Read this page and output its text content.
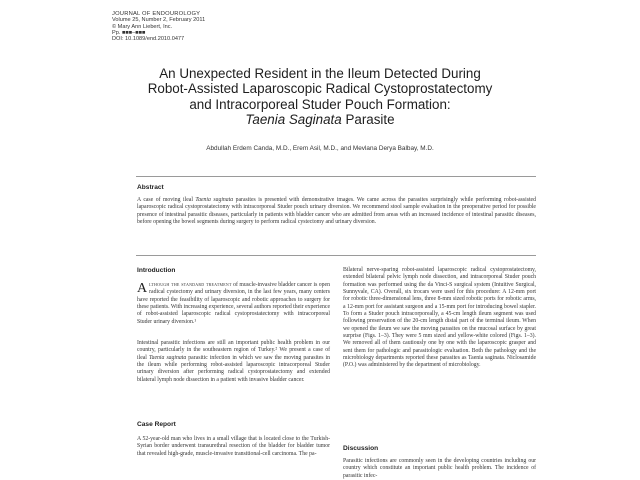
JOURNAL OF ENDOUROLOGY
Volume 25, Number 2, February 2011
© Mary Ann Liebert, Inc.
Pp. ■■■–■■■
DOI: 10.1089/end.2010.0477
An Unexpected Resident in the Ileum Detected During
Robot-Assisted Laparoscopic Radical Cystoprostatectomy
and Intracorporeal Studer Pouch Formation:
Taenia Saginata Parasite
Abdullah Erdem Canda, M.D., Erem Asil, M.D., and Mevlana Derya Balbay, M.D.
Abstract
A case of moving ileal Taenia saginata parasites is presented with demonstrative images. We came across the parasites surprisingly while performing robot-assisted laparoscopic radical cystoprostatectomy with intracorporeal Studer pouch urinary diversion. We recommend stool sample evaluation in the preoperative period for possible presence of intestinal parasitic diseases, particularly in patients with bladder cancer who are admitted from areas with an increased incidence of intestinal parasitic diseases, before opening the bowel segments during surgery to perform radical cystectomy and urinary diversion.
Introduction
Although the standard treatment of muscle-invasive bladder cancer is open radical cystectomy and urinary diversion, in the last few years, many centers have reported the feasibility of laparoscopic and robotic approaches to surgery for these patients. With increasing experience, several authors reported their experience of robot-assisted laparoscopic radical cystoprostatectomy with intracorporeal Studer urinary diversion.¹
Intestinal parasitic infections are still an important public health problem in our country, particularly in the southeastern region of Turkey.² We present a case of ileal Taenia saginata parasitic infection in which we saw the moving parasites in the ileum while performing robot-assisted laparoscopic intracorporeal Studer urinary diversion after performing radical cystoprostatectomy and extended bilateral lymph node dissection in a patient with invasive bladder cancer.
Case Report
A 52-year-old man who lives in a small village that is located close to the Turkish-Syrian border underwent transurethral resection of the bladder for bladder tumor that revealed high-grade, muscle-invasive transitional-cell carcinoma. The pa-
Bilateral nerve-sparing robot-assisted laparoscopic radical cystoprostatectomy, extended bilateral pelvic lymph node dissection, and intracorporeal Studer pouch formation was performed using the da Vinci-S surgical system (Intuitive Surgical, Sunnyvale, CA). Overall, six trocars were used for this procedure: A 12-mm port for robotic three-dimensional lens, three 8-mm sized robotic ports for robotic arms, a 12-mm port for assistant surgeon and a 15-mm port for introducing bowel stapler. To form a Studer pouch intracorporeally, a 45-cm length ileum segment was used following preservation of the 20-cm length distal part of the terminal ileum. When we opened the ileum we saw the moving parasites on the mucosal surface by great surprise (Figs. 1–3). They were 5 mm sized and yellow-white colored (Figs. 1–3). We removed all of them cautiously one by one with the laparoscopic grasper and sent them for pathologic and parasitologic evaluation. Both the pathology and the microbiology departments reported these parasites as Taenia saginata. Niclosamide (P.O.) was administered by the department of microbiology.
Discussion
Parasitic infections are commonly seen in the developing countries including our country which constitute an important public health problem. The incidence of parasitic infec-
